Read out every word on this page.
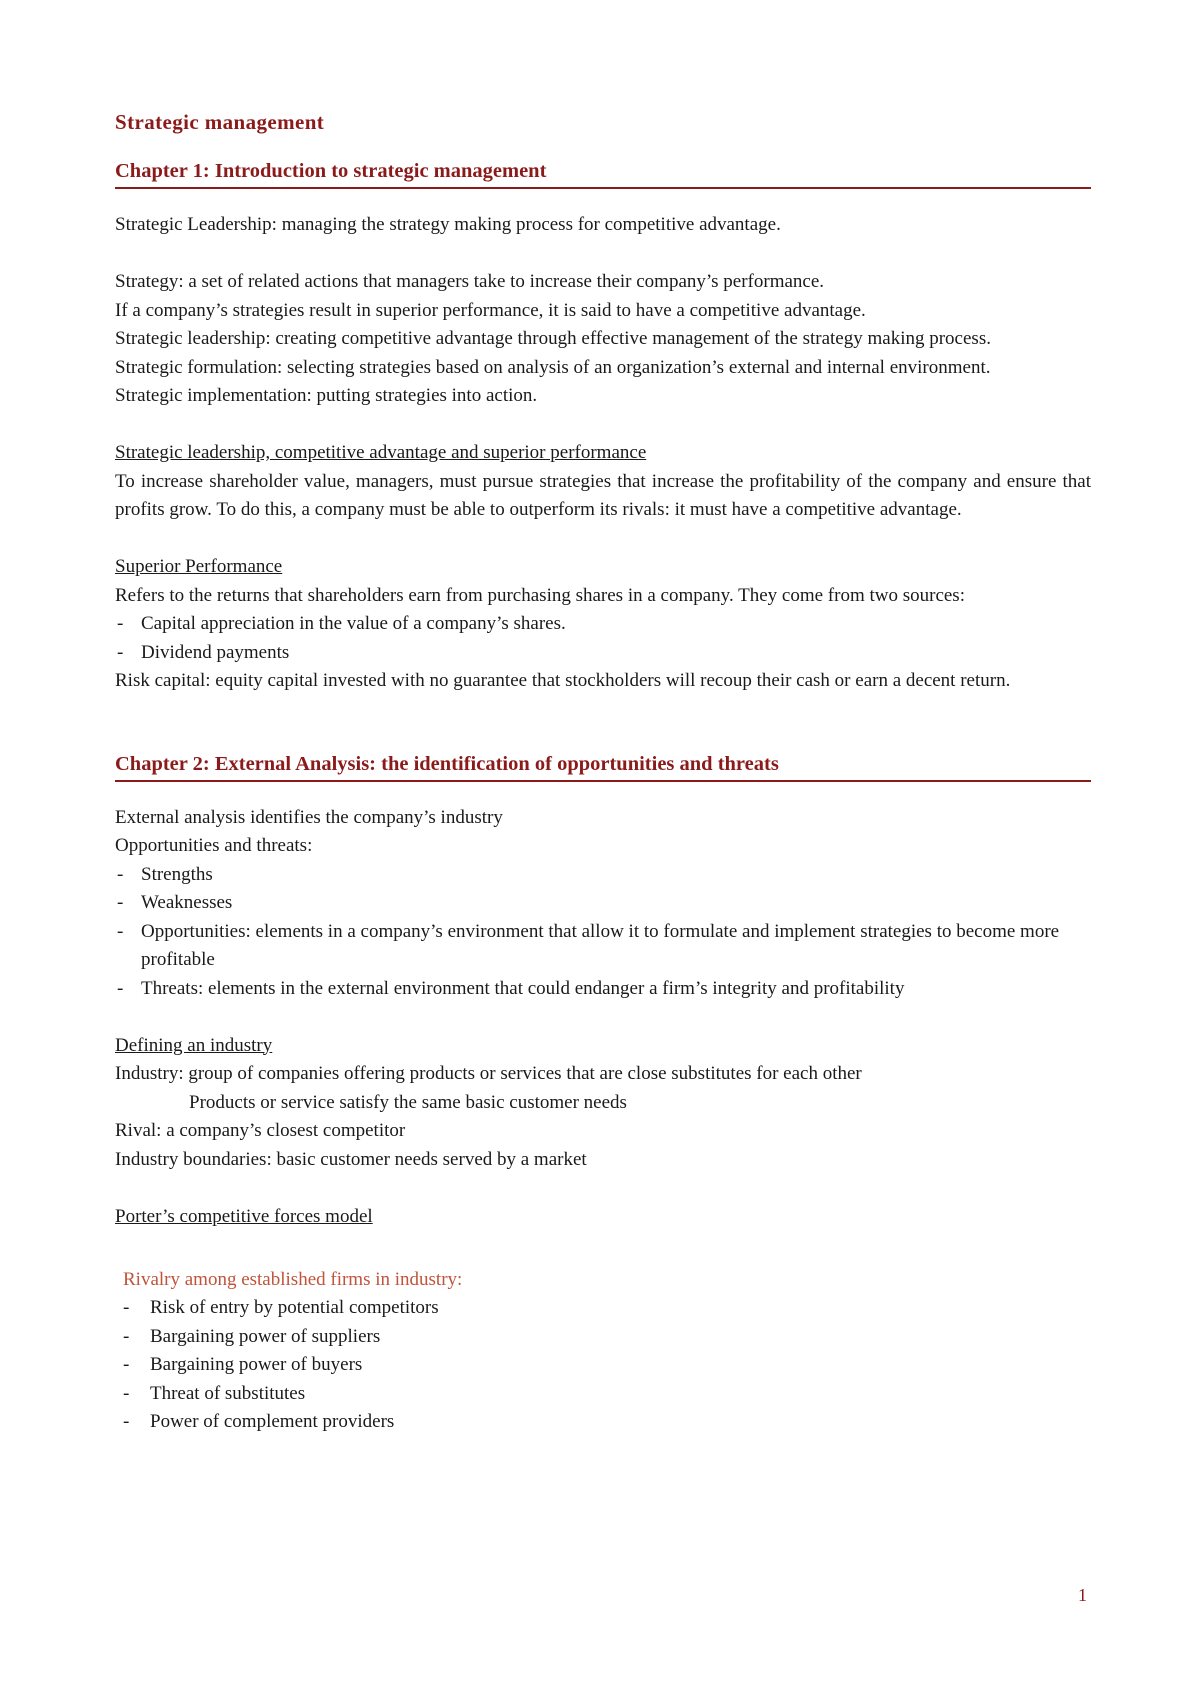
Strategic management
Chapter 1: Introduction to strategic management

Strategic Leadership: managing the strategy making process for competitive advantage.

Strategy: a set of related actions that managers take to increase their company’s performance.

If a company’s strategies result in superior performance, it is said to have a competitive advantage.

Strategic leadership: creating competitive advantage through effective management of the strategy making process.

Strategic formulation: selecting strategies based on analysis of an organization’s external and internal environment.

Strategic implementation: putting strategies into action.

Strategic leadership, competitive advantage and superior performance

To increase shareholder value, managers, must pursue strategies that increase the profitability of the company and ensure that profits grow. To do this, a company must be able to outperform its rivals: it must have a competitive advantage.

Superior Performance

Refers to the returns that shareholders earn from purchasing shares in a company. They come from two sources:

- Capital appreciation in the value of a company’s shares.
- Dividend payments

Risk capital: equity capital invested with no guarantee that stockholders will recoup their cash or earn a decent return.

Chapter 2: External Analysis: the identification of opportunities and threats

External analysis identifies the company’s industry

Opportunities and threats:

- Strengths
- Weaknesses
- Opportunities: elements in a company’s environment that allow it to formulate and implement strategies to become more profitable
- Threats: elements in the external environment that could endanger a firm’s integrity and profitability

Defining an industry

Industry: group of companies offering products or services that are close substitutes for each other

Products or service satisfy the same basic customer needs

Rival: a company’s closest competitor

Industry boundaries: basic customer needs served by a market

Porter’s competitive forces model

Rivalry among established firms in industry:

- Risk of entry by potential competitors
- Bargaining power of suppliers
- Bargaining power of buyers
- Threat of substitutes
- Power of complement providers
1
